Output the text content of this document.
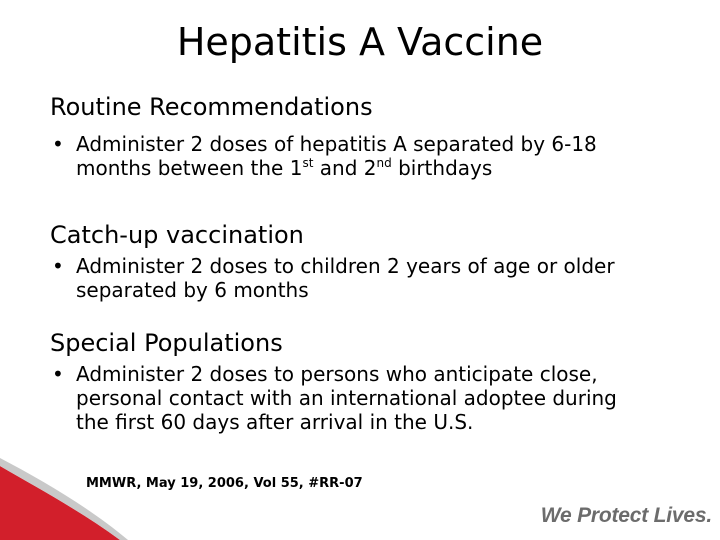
Hepatitis A Vaccine
Routine Recommendations
• Administer 2 doses of hepatitis A separated by 6-18 months between the 1st and 2nd birthdays
Catch-up vaccination
• Administer 2 doses to children 2 years of age or older separated by 6 months
Special Populations
• Administer 2 doses to persons who anticipate close, personal contact with an international adoptee during the first 60 days after arrival in the U.S.
MMWR, May 19, 2006, Vol 55, #RR-07
We Protect Lives.
